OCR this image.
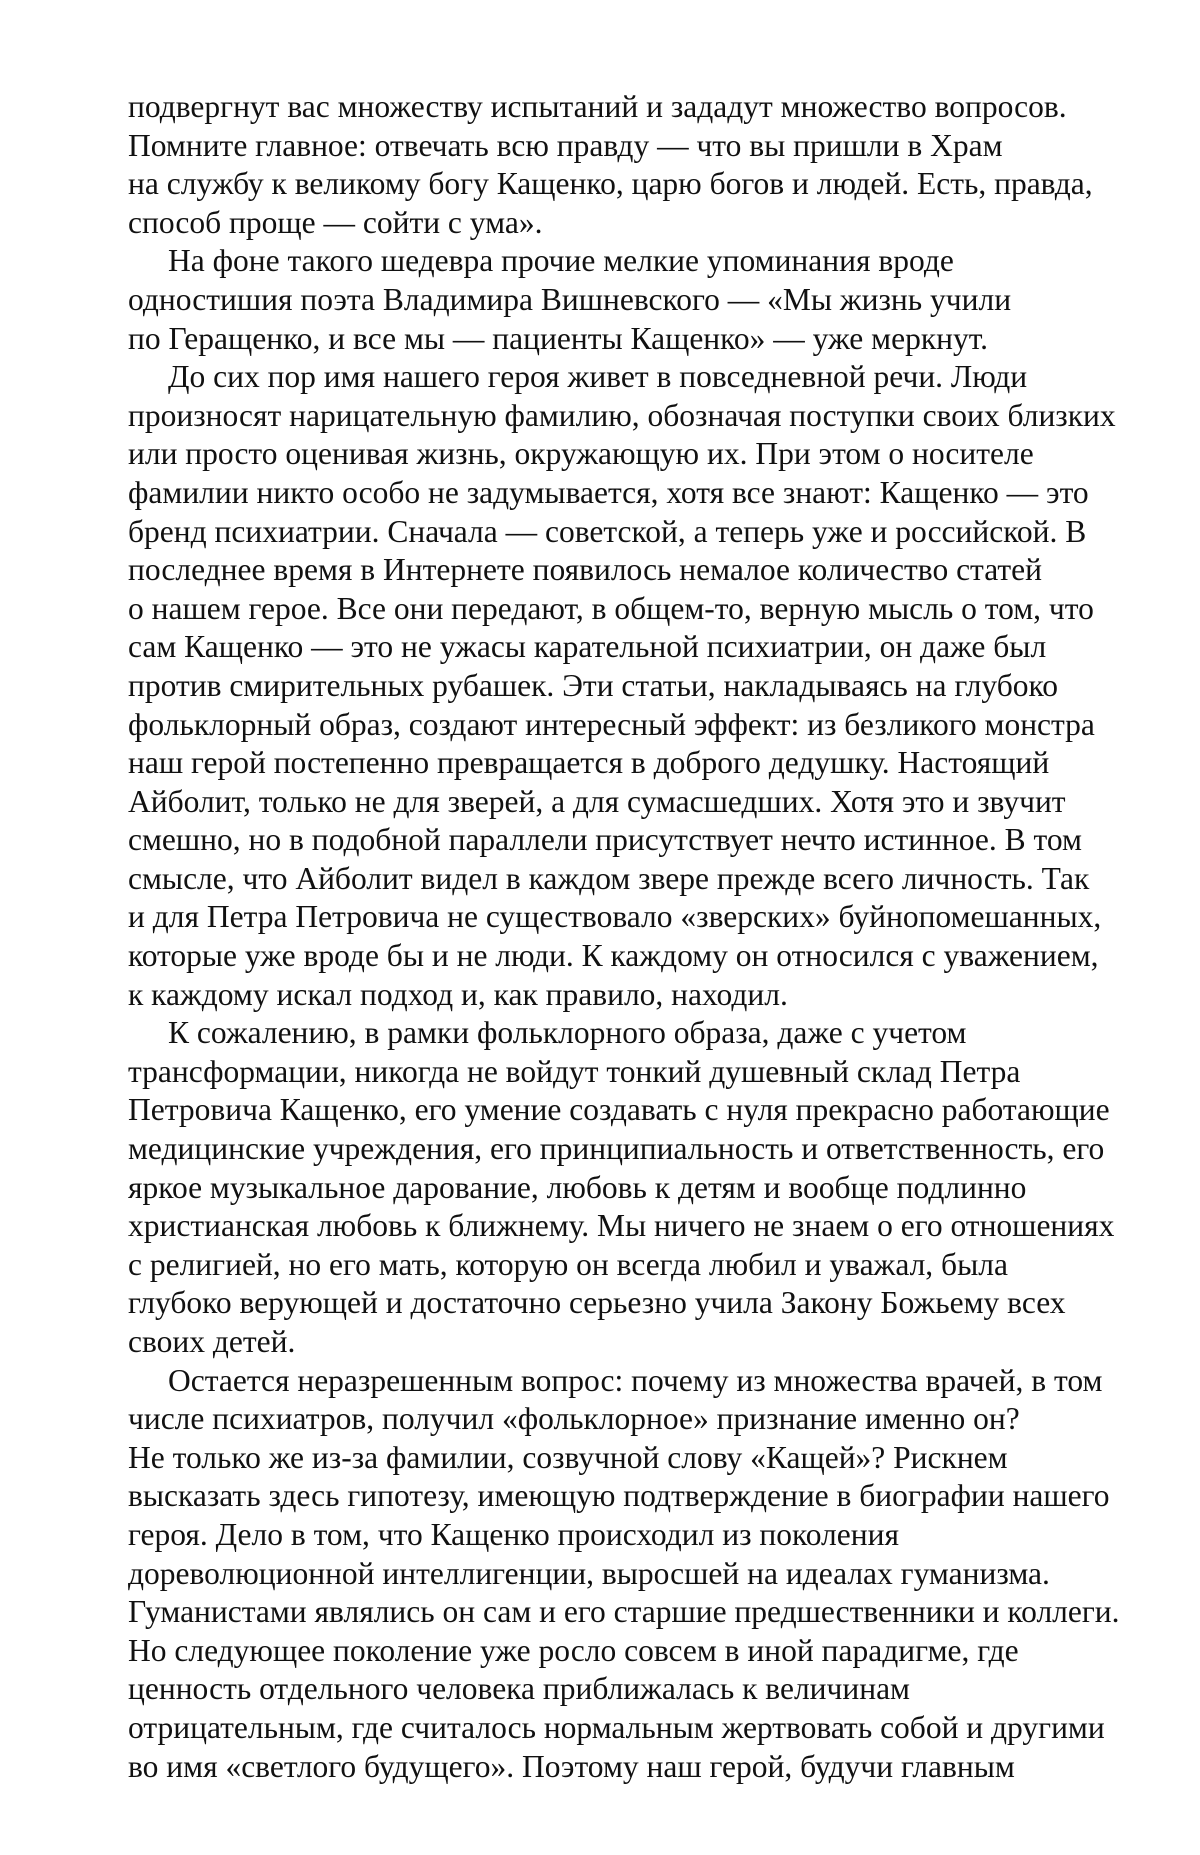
подвергнут вас множеству испытаний и зададут множество вопросов.
Помните главное: отвечать всю правду — что вы пришли в Храм
на службу к великому богу Кащенко, царю богов и людей. Есть, правда,
способ проще — сойти с ума».
На фоне такого шедевра прочие мелкие упоминания вроде
одностишия поэта Владимира Вишневского — «Мы жизнь учили
по Геращенко, и все мы — пациенты Кащенко» — уже меркнут.
До сих пор имя нашего героя живет в повседневной речи. Люди
произносят нарицательную фамилию, обозначая поступки своих близких
или просто оценивая жизнь, окружающую их. При этом о носителе
фамилии никто особо не задумывается, хотя все знают: Кащенко — это
бренд психиатрии. Сначала — советской, а теперь уже и российской. В
последнее время в Интернете появилось немалое количество статей
о нашем герое. Все они передают, в общем-то, верную мысль о том, что
сам Кащенко — это не ужасы карательной психиатрии, он даже был
против смирительных рубашек. Эти статьи, накладываясь на глубоко
фольклорный образ, создают интересный эффект: из безликого монстра
наш герой постепенно превращается в доброго дедушку. Настоящий
Айболит, только не для зверей, а для сумасшедших. Хотя это и звучит
смешно, но в подобной параллели присутствует нечто истинное. В том
смысле, что Айболит видел в каждом звере прежде всего личность. Так
и для Петра Петровича не существовало «зверских» буйнопомешанных,
которые уже вроде бы и не люди. К каждому он относился с уважением,
к каждому искал подход и, как правило, находил.
К сожалению, в рамки фольклорного образа, даже с учетом
трансформации, никогда не войдут тонкий душевный склад Петра
Петровича Кащенко, его умение создавать с нуля прекрасно работающие
медицинские учреждения, его принципиальность и ответственность, его
яркое музыкальное дарование, любовь к детям и вообще подлинно
христианская любовь к ближнему. Мы ничего не знаем о его отношениях
с религией, но его мать, которую он всегда любил и уважал, была
глубоко верующей и достаточно серьезно учила Закону Божьему всех
своих детей.
Остается неразрешенным вопрос: почему из множества врачей, в том
числе психиатров, получил «фольклорное» признание именно он?
Не только же из-за фамилии, созвучной слову «Кащей»? Рискнем
высказать здесь гипотезу, имеющую подтверждение в биографии нашего
героя. Дело в том, что Кащенко происходил из поколения
дореволюционной интеллигенции, выросшей на идеалах гуманизма.
Гуманистами являлись он сам и его старшие предшественники и коллеги.
Но следующее поколение уже росло совсем в иной парадигме, где
ценность отдельного человека приближалась к величинам
отрицательным, где считалось нормальным жертвовать собой и другими
во имя «светлого будущего». Поэтому наш герой, будучи главным
